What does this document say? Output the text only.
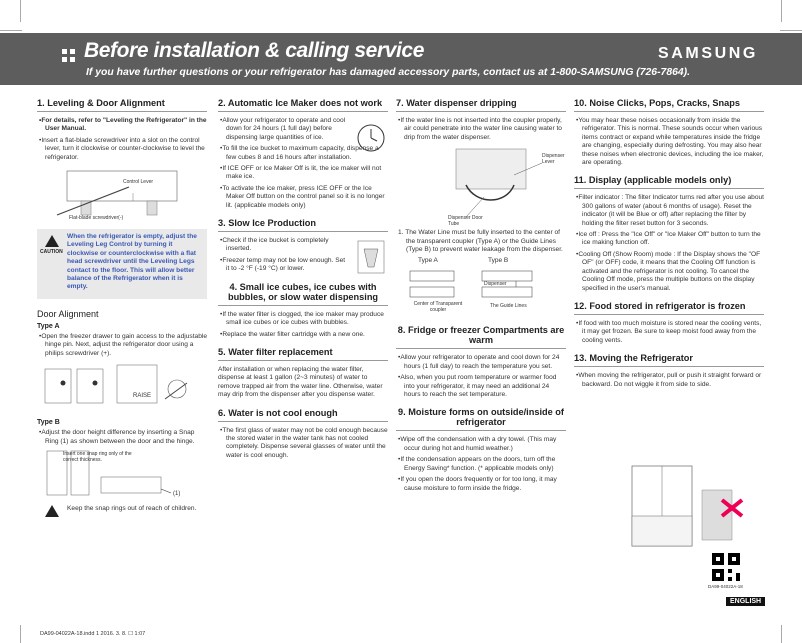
Before installation & calling service
If you have further questions or your refrigerator has damaged accessory parts, contact us at 1-800-SAMSUNG (726-7864).
SAMSUNG
1. Leveling & Door Alignment
• For details, refer to "Leveling the Refrigerator" in the User Manual.
• Insert a flat-blade screwdriver into a slot on the control lever, turn it clockwise or counter-clockwise to level the refrigerator.
Control Lever
Flat-blade screwdriver(-)
CAUTION
When the refrigerator is empty, adjust the Leveling Leg Control by turning it clockwise or counterclockwise with a flat head screwdriver until the Leveling Legs contact to the floor. This will allow better balance of the Refrigerator when it is empty.
Door Alignment
Type A
• Open the freezer drawer to gain access to the adjustable hinge pin. Next, adjust the refrigerator door using a philips screwdriver (+).
RAISE
Type B
• Adjust the door height difference by inserting a Snap Ring (1) as shown between the door and the hinge.
Insert one snap ring only of the correct thickness.
(1)
Keep the snap rings out of reach of children.
2. Automatic Ice Maker does not work
• Allow your refrigerator to operate and cool down for 24 hours (1 full day) before dispensing large quantities of ice.
• To fill the ice bucket to maximum capacity, dispense a few cubes 8 and 16 hours after installation.
• If ICE OFF or Ice Maker Off is lit, the ice maker will not make ice.
• To activate the ice maker, press ICE OFF or the Ice Maker Off button on the control panel so it is no longer lit. (applicable models only)
3. Slow Ice Production
• Check if the ice bucket is completely inserted.
• Freezer temp may not be low enough. Set it to -2 °F (-19 °C) or lower.
4. Small ice cubes, ice cubes with bubbles, or slow water dispensing
• If the water filter is clogged, the ice maker may produce small ice cubes or ice cubes with bubbles.
• Replace the water filter cartridge with a new one.
5. Water filter replacement
After installation or when replacing the water filter, dispense at least 1 gallon (2~3 minutes) of water to remove trapped air from the water line. Otherwise, water may drip from the dispenser after you dispense water.
6. Water is not cool enough
• The first glass of water may not be cold enough because the stored water in the water tank has not cooled completely. Dispense several glasses of water until the water is cool enough.
7. Water dispenser dripping
• If the water line is not inserted into the coupler properly, air could penetrate into the water line causing water to drip from the water dispenser.
Dispenser Lever
Dispenser Door Tube
1. The Water Line must be fully inserted to the center of the transparent coupler (Type A) or the Guide Lines (Type B) to prevent water leakage from the dispenser.
Type A	Type B
Dispenser
Center of Transparent coupler
The Guide Lines
8. Fridge or freezer Compartments are warm
• Allow your refrigerator to operate and cool down for 24 hours (1 full day) to reach the temperature you set.
• Also, when you put room temperature or warmer food into your refrigerator, it may need an additional 24 hours to reach the set temperature.
9. Moisture forms on outside/inside of refrigerator
• Wipe off the condensation with a dry towel. (This may occur during hot and humid weather.)
• If the condensation appears on the doors, turn off the Energy Saving* function. (* applicable models only)
• If you open the doors frequently or for too long, it may cause moisture to form inside the fridge.
10. Noise Clicks, Pops, Cracks, Snaps
• You may hear these noises occasionally from inside the refrigerator. This is normal. These sounds occur when various items contract or expand while temperatures inside the fridge are changing, especially during defrosting. You may also hear these noises when electronic devices, including the ice maker, are operating.
11. Display (applicable models only)
• Filter indicator : The filter Indicator turns red after you use about 300 gallons of water (about 6 months of usage). Reset the indicator (it will be Blue or off) after replacing the filter by holding the filter reset button for 3 seconds.
• Ice off : Press the "Ice Off" or "Ice Maker Off" button to turn the ice making function off.
• Cooling Off (Show Room) mode : If the Display shows the "OF OF" (or OFF) code, it means that the Cooling Off function is activated and the refrigerator is not cooling. To cancel the Cooling Off mode, press the multiple buttons on the display specified in the user's manual.
12. Food stored in refrigerator is frozen
• If food with too much moisture is stored near the cooling vents, it may get frozen. Be sure to keep moist food away from the cooling vents.
13. Moving the Refrigerator
• When moving the refrigerator, pull or push it straight forward or backward. Do not wiggle it from side to side.
DA99-04022A-18
ENGLISH
DA99-04022A-18.indd 1 2016. 3. 8. ☐ 1:07
